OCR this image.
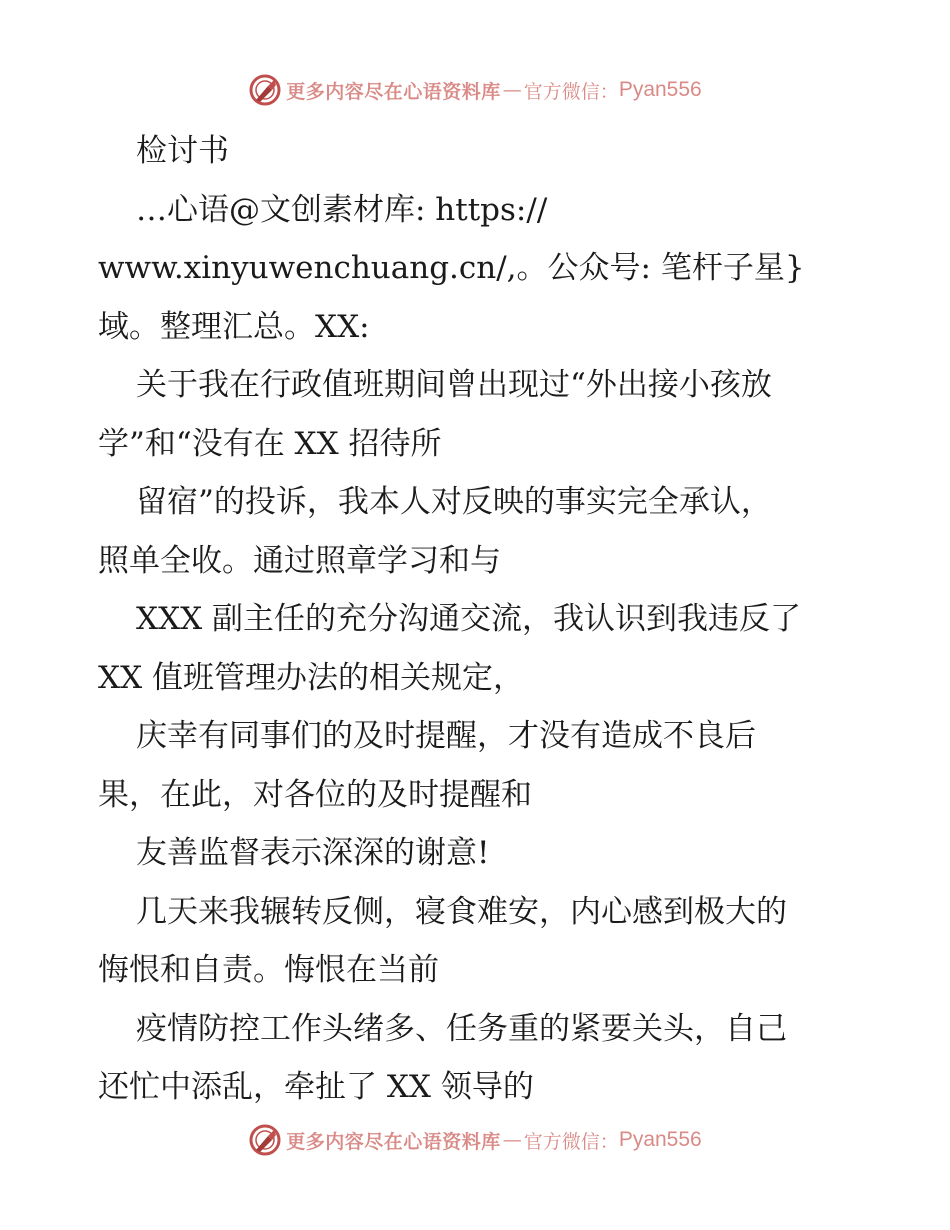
更多内容尽在心语资料库 — 官方微信： Pyan556
检讨书
…心语@文创素材库: https://
www.xinyuwenchuang.cn/,。公众号: 笔杆子星}
域。整理汇总。XX:
关于我在行政值班期间曾出现过“外出接小孩放
学”和“没有在 XX 招待所
留宿”的投诉，我本人对反映的事实完全承认，
照单全收。通过照章学习和与
XXX 副主任的充分沟通交流，我认识到我违反了
XX 值班管理办法的相关规定，
庆幸有同事们的及时提醒，才没有造成不良后
果，在此，对各位的及时提醒和
友善监督表示深深的谢意!
几天来我辗转反侧，寝食难安，内心感到极大的
悔恨和自责。悔恨在当前
疫情防控工作头绪多、任务重的紧要关头，自己
还忙中添乱，牵扯了 XX 领导的
更多内容尽在心语资料库 — 官方微信： Pyan556
